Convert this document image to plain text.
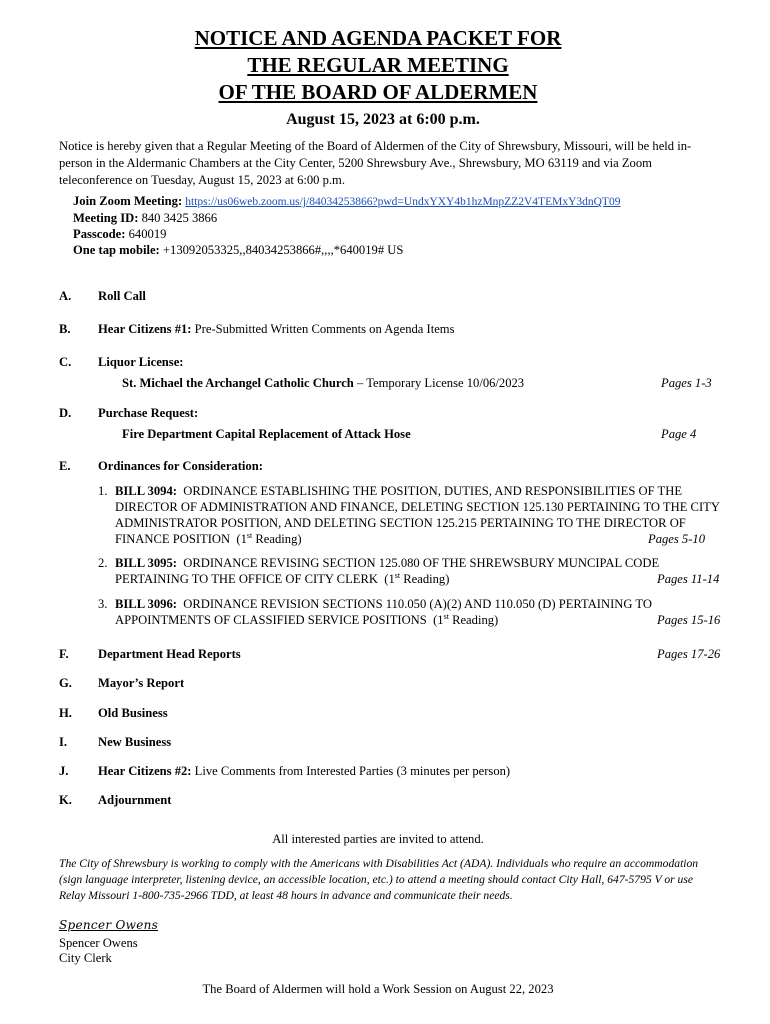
NOTICE AND AGENDA PACKET FOR
THE REGULAR MEETING
OF THE BOARD OF ALDERMEN
August 15, 2023 at 6:00 p.m.
Notice is hereby given that a Regular Meeting of the Board of Aldermen of the City of Shrewsbury, Missouri, will be held in-person in the Aldermanic Chambers at the City Center, 5200 Shrewsbury Ave., Shrewsbury, MO 63119 and via Zoom teleconference on Tuesday, August 15, 2023 at 6:00 p.m.
Join Zoom Meeting: https://us06web.zoom.us/j/84034253866?pwd=UndxYXY4b1hzMnpZZ2V4TEMxY3dnQT09
Meeting ID: 840 3425 3866
Passcode: 640019
One tap mobile: +13092053325,,84034253866#,,,,*640019# US
A. Roll Call
B. Hear Citizens #1: Pre-Submitted Written Comments on Agenda Items
C. Liquor License:
St. Michael the Archangel Catholic Church – Temporary License 10/06/2023	Pages 1-3
D. Purchase Request:
Fire Department Capital Replacement of Attack Hose	Page 4
E. Ordinances for Consideration:
1. BILL 3094: ORDINANCE ESTABLISHING THE POSITION, DUTIES, AND RESPONSIBILITIES OF THE DIRECTOR OF ADMINISTRATION AND FINANCE, DELETING SECTION 125.130 PERTAINING TO THE CITY ADMINISTRATOR POSITION, AND DELETING SECTION 125.215 PERTAINING TO THE DIRECTOR OF FINANCE POSITION (1st Reading)	Pages 5-10
2. BILL 3095: ORDINANCE REVISING SECTION 125.080 OF THE SHREWSBURY MUNCIPAL CODE PERTAINING TO THE OFFICE OF CITY CLERK (1st Reading)	Pages 11-14
3. BILL 3096: ORDINANCE REVISION SECTIONS 110.050 (A)(2) AND 110.050 (D) PERTAINING TO APPOINTMENTS OF CLASSIFIED SERVICE POSITIONS (1st Reading)	Pages 15-16
F. Department Head Reports	Pages 17-26
G. Mayor’s Report
H. Old Business
I. New Business
J. Hear Citizens #2: Live Comments from Interested Parties (3 minutes per person)
K. Adjournment
All interested parties are invited to attend.
The City of Shrewsbury is working to comply with the Americans with Disabilities Act (ADA). Individuals who require an accommodation (sign language interpreter, listening device, an accessible location, etc.) to attend a meeting should contact City Hall, 647-5795 V or use Relay Missouri 1-800-735-2966 TDD, at least 48 hours in advance and communicate their needs.
Spencer Owens
Spencer Owens
City Clerk
The Board of Aldermen will hold a Work Session on August 22, 2023
